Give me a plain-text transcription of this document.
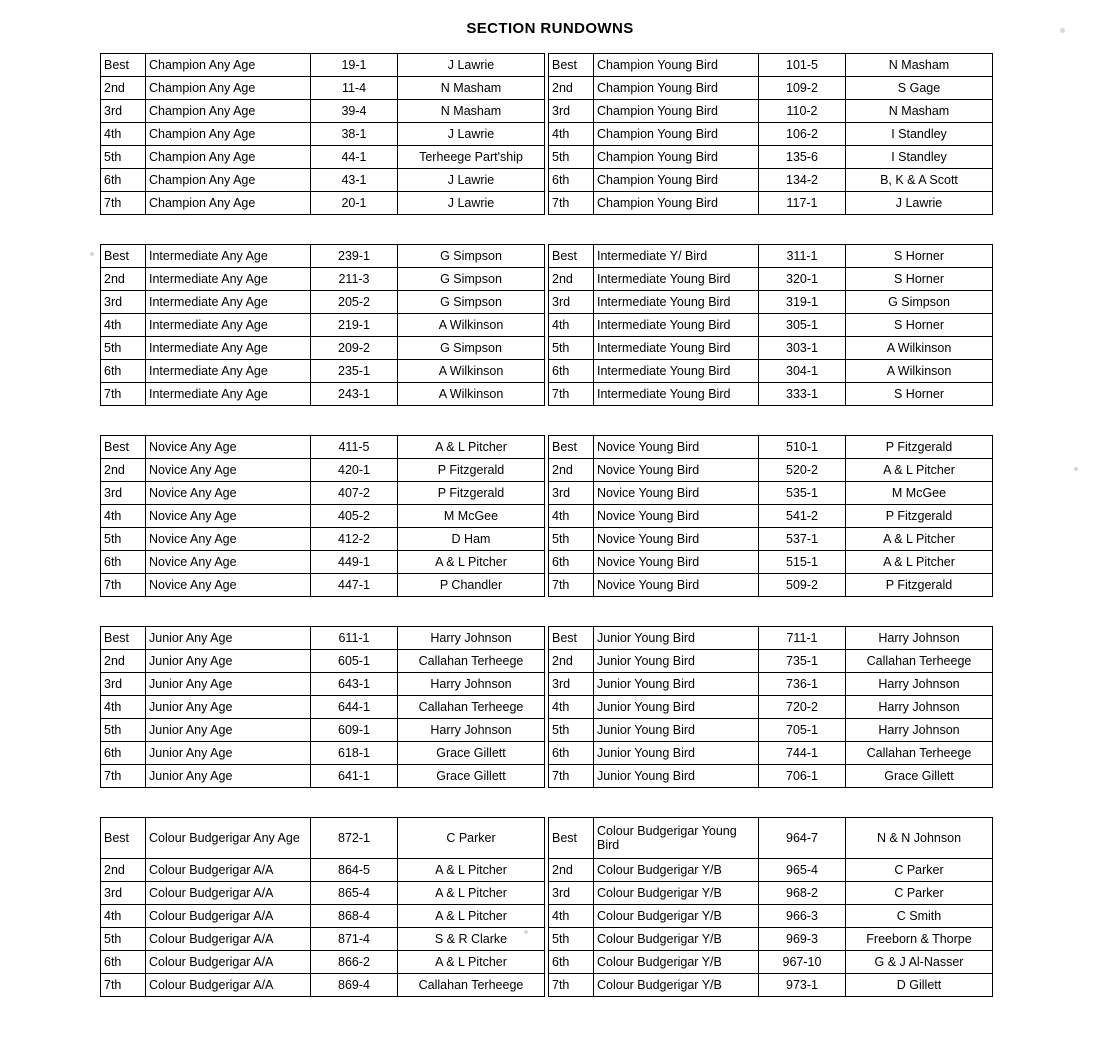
SECTION RUNDOWNS
Best	Champion Any Age	19-1	J Lawrie
2nd	Champion Any Age	11-4	N Masham
3rd	Champion Any Age	39-4	N Masham
4th	Champion Any Age	38-1	J Lawrie
5th	Champion Any Age	44-1	Terheege Part'ship
6th	Champion Any Age	43-1	J Lawrie
7th	Champion Any Age	20-1	J Lawrie
Best	Champion Young Bird	101-5	N Masham
2nd	Champion Young Bird	109-2	S Gage
3rd	Champion Young Bird	110-2	N Masham
4th	Champion Young Bird	106-2	I Standley
5th	Champion Young Bird	135-6	I Standley
6th	Champion Young Bird	134-2	B, K & A Scott
7th	Champion Young Bird	117-1	J Lawrie
Best	Intermediate Any Age	239-1	G Simpson
2nd	Intermediate Any Age	211-3	G Simpson
3rd	Intermediate Any Age	205-2	G Simpson
4th	Intermediate Any Age	219-1	A Wilkinson
5th	Intermediate Any Age	209-2	G Simpson
6th	Intermediate Any Age	235-1	A Wilkinson
7th	Intermediate Any Age	243-1	A Wilkinson
Best	Intermediate Y/ Bird	311-1	S Horner
2nd	Intermediate Young Bird	320-1	S Horner
3rd	Intermediate Young Bird	319-1	G Simpson
4th	Intermediate Young Bird	305-1	S Horner
5th	Intermediate Young Bird	303-1	A Wilkinson
6th	Intermediate Young Bird	304-1	A Wilkinson
7th	Intermediate Young Bird	333-1	S Horner
Best	Novice Any Age	411-5	A & L Pitcher
2nd	Novice Any Age	420-1	P Fitzgerald
3rd	Novice Any Age	407-2	P Fitzgerald
4th	Novice Any Age	405-2	M McGee
5th	Novice Any Age	412-2	D Ham
6th	Novice Any Age	449-1	A & L Pitcher
7th	Novice Any Age	447-1	P Chandler
Best	Novice Young Bird	510-1	P Fitzgerald
2nd	Novice Young Bird	520-2	A & L Pitcher
3rd	Novice Young Bird	535-1	M McGee
4th	Novice Young Bird	541-2	P Fitzgerald
5th	Novice Young Bird	537-1	A & L Pitcher
6th	Novice Young Bird	515-1	A & L Pitcher
7th	Novice Young Bird	509-2	P Fitzgerald
Best	Junior Any Age	611-1	Harry Johnson
2nd	Junior Any Age	605-1	Callahan Terheege
3rd	Junior Any Age	643-1	Harry Johnson
4th	Junior Any Age	644-1	Callahan Terheege
5th	Junior Any Age	609-1	Harry Johnson
6th	Junior Any Age	618-1	Grace Gillett
7th	Junior Any Age	641-1	Grace Gillett
Best	Junior Young Bird	711-1	Harry Johnson
2nd	Junior Young Bird	735-1	Callahan Terheege
3rd	Junior Young Bird	736-1	Harry Johnson
4th	Junior Young Bird	720-2	Harry Johnson
5th	Junior Young Bird	705-1	Harry Johnson
6th	Junior Young Bird	744-1	Callahan Terheege
7th	Junior Young Bird	706-1	Grace Gillett
Best	Colour Budgerigar Any Age	872-1	C Parker
2nd	Colour Budgerigar A/A	864-5	A & L Pitcher
3rd	Colour Budgerigar A/A	865-4	A & L Pitcher
4th	Colour Budgerigar A/A	868-4	A & L Pitcher
5th	Colour Budgerigar A/A	871-4	S & R Clarke
6th	Colour Budgerigar A/A	866-2	A & L Pitcher
7th	Colour Budgerigar A/A	869-4	Callahan Terheege
Best	Colour Budgerigar Young Bird	964-7	N & N Johnson
2nd	Colour Budgerigar Y/B	965-4	C Parker
3rd	Colour Budgerigar Y/B	968-2	C Parker
4th	Colour Budgerigar Y/B	966-3	C Smith
5th	Colour Budgerigar Y/B	969-3	Freeborn & Thorpe
6th	Colour Budgerigar Y/B	967-10	G & J Al-Nasser
7th	Colour Budgerigar Y/B	973-1	D Gillett
